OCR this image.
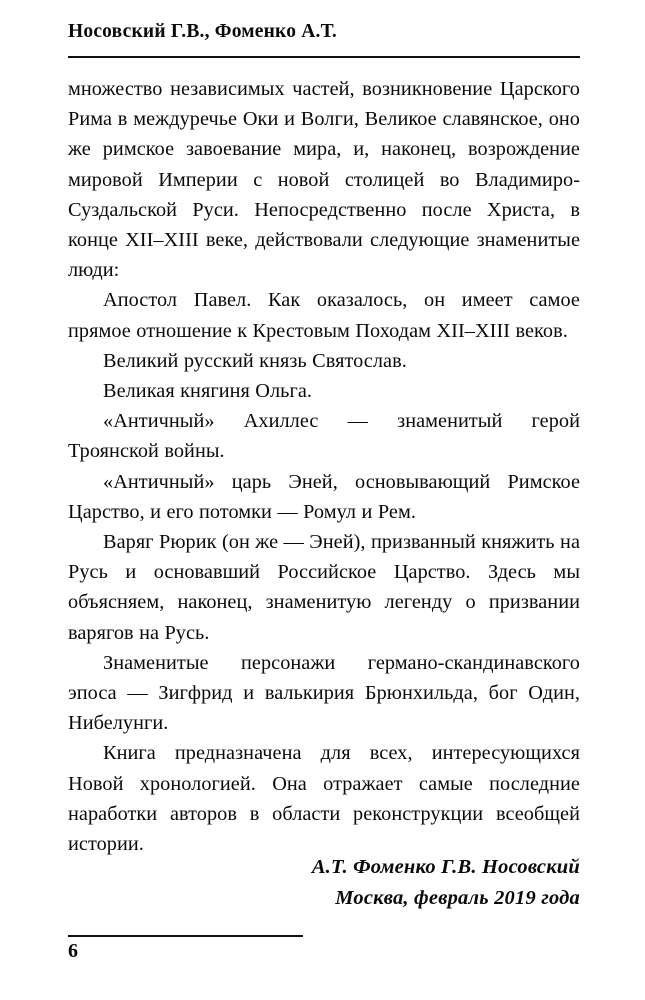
Носовский Г.В., Фоменко А.Т.

множество независимых частей, возникновение Царского Рима в междуречье Оки и Волги, Великое славянское, оно же римское завоевание мира, и, наконец, возрождение мировой Империи с новой столицей во Владимиро-Суздальской Руси. Непосредственно после Христа, в конце XII–XIII веке, действовали следующие знаменитые люди:

Апостол Павел. Как оказалось, он имеет самое прямое отношение к Крестовым Походам XII–XIII веков.

Великий русский князь Святослав.

Великая княгиня Ольга.

«Античный» Ахиллес — знаменитый герой Троянской войны.

«Античный» царь Эней, основывающий Римское Царство, и его потомки — Ромул и Рем.

Варяг Рюрик (он же — Эней), призванный княжить на Русь и основавший Российское Царство. Здесь мы объясняем, наконец, знаменитую легенду о призвании варягов на Русь.

Знаменитые персонажи германо-скандинавского эпоса — Зигфрид и валькирия Брюнхильда, бог Один, Нибелунги.

Книга предназначена для всех, интересующихся Новой хронологией. Она отражает самые последние наработки авторов в области реконструкции всеобщей истории.

А.Т. Фоменко Г.В. Носовский
Москва, февраль 2019 года
6
